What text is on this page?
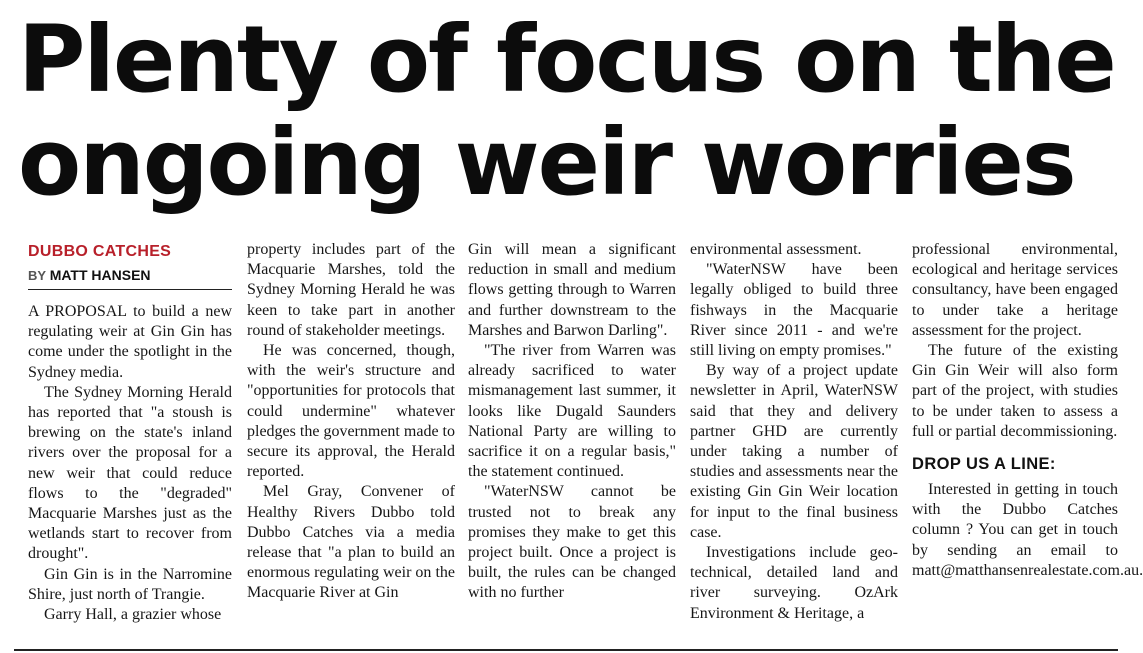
Plenty of focus on the
ongoing weir worries
DUBBO CATCHES
BY MATT HANSEN

A PROPOSAL to build a new regulating weir at Gin Gin has come under the spotlight in the Sydney media.

The Sydney Morning Herald has reported that "a stoush is brewing on the state's inland rivers over the proposal for a new weir that could reduce flows to the "degraded" Macquarie Marshes just as the wetlands start to recover from drought".

Gin Gin is in the Narromine Shire, just north of Trangie.

Garry Hall, a grazier whose

property includes part of the Macquarie Marshes, told the Sydney Morning Herald he was keen to take part in another round of stakeholder meetings.

He was concerned, though, with the weir's structure and "opportunities for protocols that could undermine" whatever pledges the government made to secure its approval, the Herald reported.

Mel Gray, Convener of Healthy Rivers Dubbo told Dubbo Catches via a media release that "a plan to build an enormous regulating weir on the Macquarie River at Gin

Gin will mean a significant reduction in small and medium flows getting through to Warren and further downstream to the Marshes and Barwon Darling".

"The river from Warren was already sacrificed to water mismanagement last summer, it looks like Dugald Saunders National Party are willing to sacrifice it on a regular basis," the statement continued.

"WaterNSW cannot be trusted not to break any promises they make to get this project built. Once a project is built, the rules can be changed with no further

environmental assessment.

"WaterNSW have been legally obliged to build three fishways in the Macquarie River since 2011 - and we're still living on empty promises."

By way of a project update newsletter in April, WaterNSW said that they and delivery partner GHD are currently under taking a number of studies and assessments near the existing Gin Gin Weir location for input to the final business case.

Investigations include geo-technical, detailed land and river surveying. OzArk Environment & Heritage, a

professional environmental, ecological and heritage services consultancy, have been engaged to under take a heritage assessment for the project.

The future of the existing Gin Gin Weir will also form part of the project, with studies to be under taken to assess a full or partial decommissioning.

DROP US A LINE:

Interested in getting in touch with the Dubbo Catches column ? You can get in touch by sending an email to matt@matthansenrealestate.com.au.
